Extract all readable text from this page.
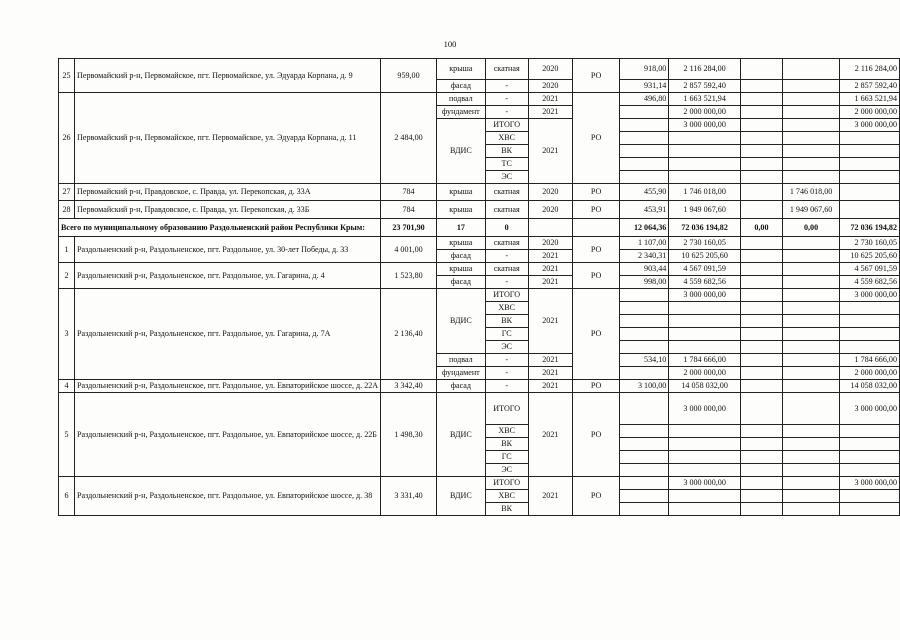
100
25	Первомайский р-н, Первомайское, пгт. Первомайское, ул. Эдуарда Корпана, д. 9	959,00	крыша	скатная	2020	РО	918,00	2 116 284,00			2 116 284,00
			фасад	-	2020		931,14	2 857 592,40			2 857 592,40
26	Первомайский р-н, Первомайское, пгт. Первомайское, ул. Эдуарда Корпана, д. 11	2 484,00	подвал	-	2021	РО	496,80	1 663 521,94			1 663 521,94
			фундамент	-	2021			2 000 000,00			2 000 000,00
			ВДИС	ИТОГО	2021			3 000 000,00			3 000 000,00
				ХВС							
				ВК							
				ТС							
				ЭС							
27	Первомайский р-н, Правдовское, с. Правда, ул. Перекопская, д. 33А	784	крыша	скатная	2020	РО	455,90	1 746 018,00		1 746 018,00	
28	Первомайский р-н, Правдовское, с. Правда, ул. Перекопская, д. 33Б	784	крыша	скатная	2020	РО	453,91	1 949 067,60		1 949 067,60	
Всего по муниципальному образованию Раздольненский район Республики Крым:		23 701,90	17	0			12 064,36	72 036 194,82	0,00	0,00	72 036 194,82
1	Раздольненский р-н, Раздольненское, пгт. Раздольное, ул. 30-лет Победы, д. 33	4 001,00	крыша	скатная	2020	РО	1 107,00	2 730 160,05			2 730 160,05
			фасад	-	2021		2 340,31	10 625 205,60			10 625 205,60
2	Раздольненский р-н, Раздольненское, пгт. Раздольное, ул. Гагарина, д. 4	1 523,80	крыша	скатная	2021	РО	903,44	4 567 091,59			4 567 091,59
			фасад	-	2021		998,00	4 559 682,56			4 559 682,56
3	Раздольненский р-н, Раздольненское, пгт. Раздольное, ул. Гагарина, д. 7А	2 136,40	ВДИС	ИТОГО	2021	РО		3 000 000,00			3 000 000,00
				ХВС							
				ВК							
				ГС							
				ЭС							
			подвал	-	2021		534,10	1 784 666,00			1 784 666,00
			фундамент	-	2021			2 000 000,00			2 000 000,00
4	Раздольненский р-н, Раздольненское, пгт. Раздольное, ул. Евпаторийское шоссе, д. 22А	3 342,40	фасад	-	2021	РО	3 100,00	14 058 032,00			14 058 032,00
5	Раздольненский р-н, Раздольненское, пгт. Раздольное, ул. Евпаторийское шоссе, д. 22Б	1 498,30	ВДИС	ИТОГО	2021	РО		3 000 000,00			3 000 000,00
				ХВС							
				ВК							
				ГС							
				ЭС							
6	Раздольненский р-н, Раздольненское, пгт. Раздольное, ул. Евпаторийское шоссе, д. 38	3 331,40	ВДИС	ИТОГО	2021	РО		3 000 000,00			3 000 000,00
				ХВС							
				ВК							
